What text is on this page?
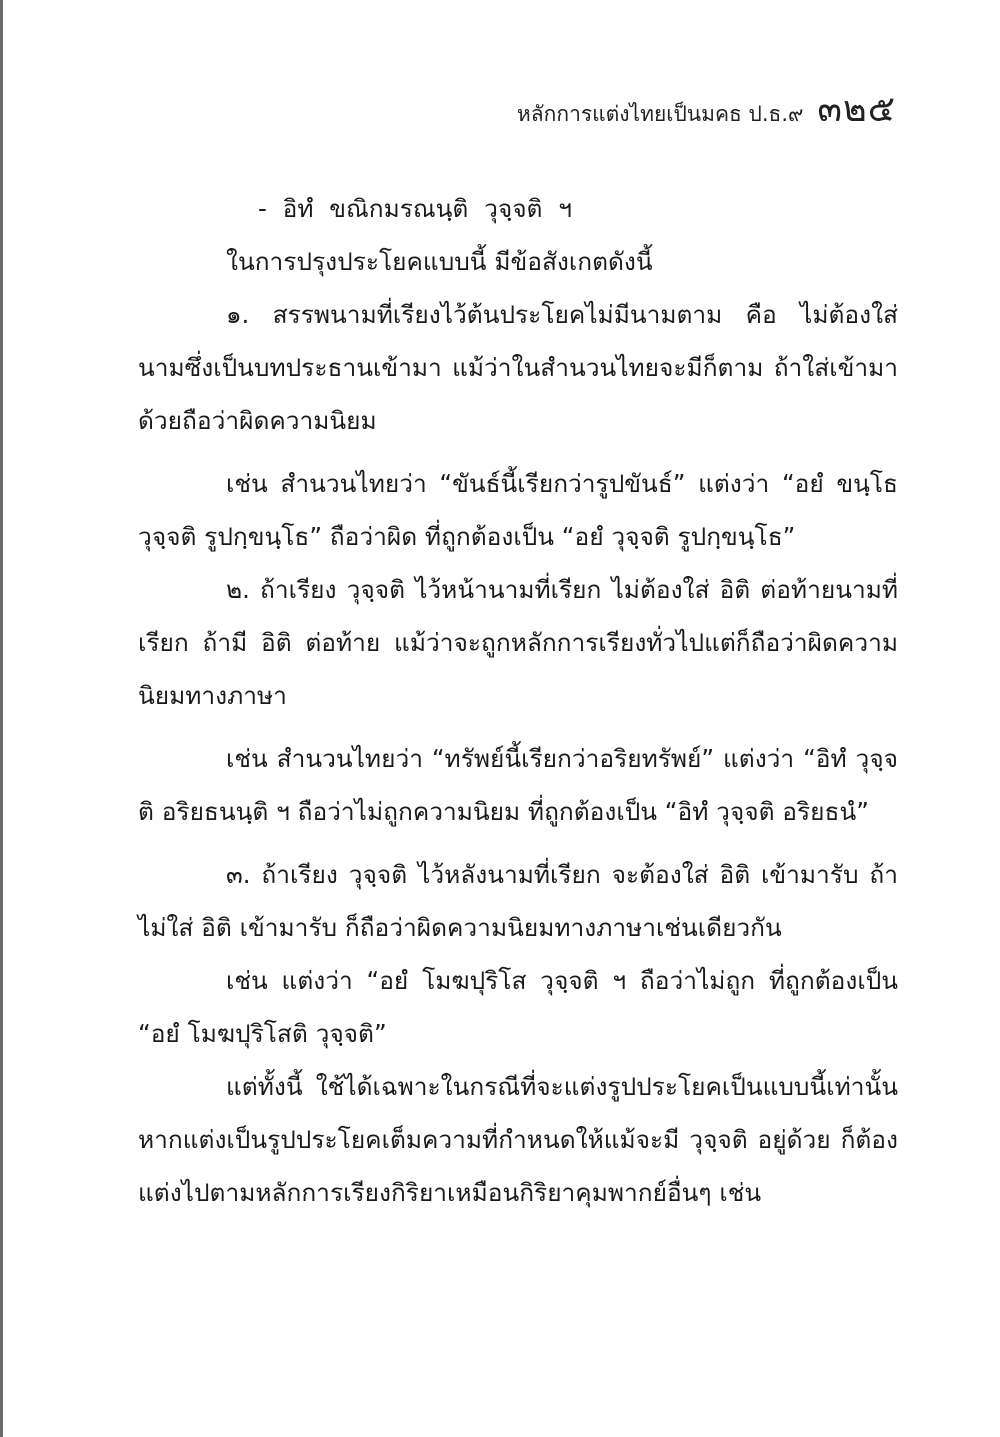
หลักการแต่งไทยเป็นมคธ ป.ธ.๙ ๓๒๕

- อิทํ ขณิกมรณนฺติ วุจฺจติ ฯ

ในการปรุงประโยคแบบนี้ มีข้อสังเกตดังนี้

๑. สรรพนามที่เรียงไว้ต้นประโยคไม่มีนามตาม คือ ไม่ต้องใส่นามซึ่งเป็นบทประธานเข้ามา แม้ว่าในสำนวนไทยจะมีก็ตาม ถ้าใส่เข้ามาด้วยถือว่าผิดความนิยม

เช่น สำนวนไทยว่า “ขันธ์นี้เรียกว่ารูปขันธ์” แต่งว่า “อยํ ขนฺโธ วุจฺจติ รูปกฺขนฺโธ” ถือว่าผิด ที่ถูกต้องเป็น “อยํ วุจฺจติ รูปกฺขนฺโธ”

๒. ถ้าเรียง วุจฺจติ ไว้หน้านามที่เรียก ไม่ต้องใส่ อิติ ต่อท้ายนามที่เรียก ถ้ามี อิติ ต่อท้าย แม้ว่าจะถูกหลักการเรียงทั่วไปแต่ก็ถือว่าผิดความนิยมทางภาษา

เช่น สำนวนไทยว่า “ทรัพย์นี้เรียกว่าอริยทรัพย์” แต่งว่า “อิทํ วุจฺจติ อริยธนนฺติ ฯ ถือว่าไม่ถูกความนิยม ที่ถูกต้องเป็น “อิทํ วุจฺจติ อริยธนํ”

๓. ถ้าเรียง วุจฺจติ ไว้หลังนามที่เรียก จะต้องใส่ อิติ เข้ามารับ ถ้าไม่ใส่ อิติ เข้ามารับ ก็ถือว่าผิดความนิยมทางภาษาเช่นเดียวกัน

เช่น แต่งว่า “อยํ โมฆปุริโส วุจฺจติ ฯ ถือว่าไม่ถูก ที่ถูกต้องเป็น “อยํ โมฆปุริโสติ วุจฺจติ”

แต่ทั้งนี้ ใช้ได้เฉพาะในกรณีที่จะแต่งรูปประโยคเป็นแบบนี้เท่านั้น หากแต่งเป็นรูปประโยคเต็มความที่กำหนดให้แม้จะมี วุจฺจติ อยู่ด้วย ก็ต้องแต่งไปตามหลักการเรียงกิริยาเหมือนกิริยาคุมพากย์อื่นๆ เช่น
